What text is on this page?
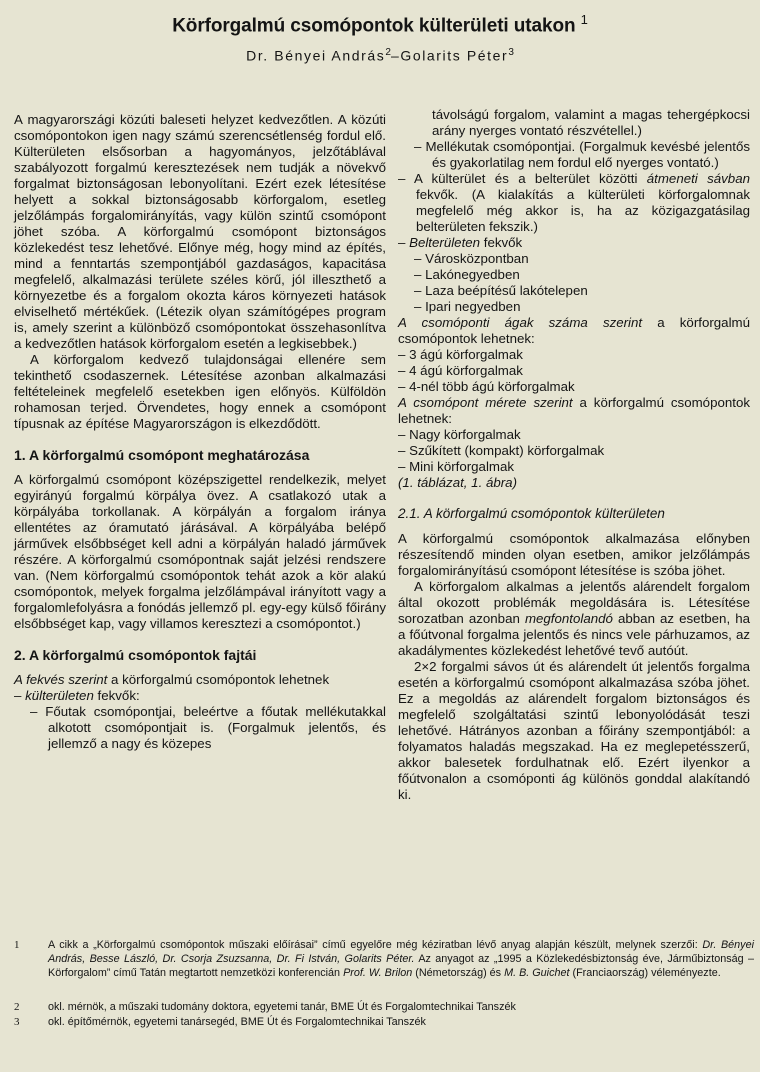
Körforgalmú csomópontok külterületi utakon $^1$
Dr. Bényei András$^2$–Golarits Péter$^3$

A magyarországi közúti baleseti helyzet kedvezőtlen. A közúti csomópontokon igen nagy számú szerencsétlenség fordul elő. Külterületen elsősorban a hagyományos, jelzőtáblával szabályozott forgalmú keresztezések nem tudják a növekvő forgalmat biztonságosan lebonyolítani. Ezért ezek létesítése helyett a sokkal biztonságosabb körforgalom, esetleg jelzőlámpás forgalomirányítás, vagy külön szintű csomópont jöhet szóba. A körforgalmú csomópont biztonságos közlekedést tesz lehetővé. Előnye még, hogy mind az építés, mind a fenntartás szempontjából gazdaságos, kapacitása megfelelő, alkalmazási területe széles körű, jól illeszthető a környezetbe és a forgalom okozta káros környezeti hatások elviselhető mértékűek. (Létezik olyan számítógépes program is, amely szerint a különböző csomópontokat összehasonlítva a kedvezőtlen hatások körforgalom esetén a legkisebbek.)

A körforgalom kedvező tulajdonságai ellenére sem tekinthető csodaszernek. Létesítése azonban alkalmazási feltételeinek megfelelő esetekben igen előnyös. Külföldön rohamosan terjed. Örvendetes, hogy ennek a csomópont típusnak az építése Magyarországon is elkezdődött.

1. A körforgalmú csomópont meghatározása

A körforgalmú csomópont középszigettel rendelkezik, melyet egyirányú forgalmú körpálya övez. A csatlakozó utak a körpályába torkollanak. A körpályán a forgalom iránya ellentétes az óramutató járásával. A körpályába belépő járművek elsőbbséget kell adni a körpályán haladó járművek részére. A körforgalmú csomópontnak saját jelzési rendszere van. (Nem körforgalmú csomópontok tehát azok a kör alakú csomópontok, melyek forgalma jelzőlámpával irányított vagy a forgalomlefolyásra a fonódás jellemző pl. egy-egy külső főirány elsőbbséget kap, vagy villamos keresztezi a csomópontot.)

2. A körforgalmú csomópontok fajtái

A fekvés szerint a körforgalmú csomópontok lehetnek

– külterületen fekvők:
– Főutak csomópontjai, beleértve a főutak mellékutakkal alkotott csomópontjait is. (Forgalmuk jelentős, és jellemző a nagy és közepes

távolságú forgalom, valamint a magas tehergépkocsi arány nyerges vontató részvétellel.)

– Mellékutak csomópontjai. (Forgalmuk kevésbé jelentős és gyakorlatilag nem fordul elő nyerges vontató.)
– A külterület és a belterület közötti átmeneti sávban fekvők. (A kialakítás a külterületi körforgalomnak megfelelő még akkor is, ha az közigazgatásilag belterületen fekszik.)
– Belterületen fekvők
– Városközpontban
– Lakónegyedben
– Laza beépítésű lakótelepen
– Ipari negyedben

A csomóponti ágak száma szerint a körforgalmú csomópontok lehetnek:

– 3 ágú körforgalmak
– 4 ágú körforgalmak
– 4-nél több ágú körforgalmak

A csomópont mérete szerint a körforgalmú csomópontok lehetnek:

– Nagy körforgalmak
– Szűkített (kompakt) körforgalmak
– Mini körforgalmak

(1. táblázat, 1. ábra)

2.1. A körforgalmú csomópontok külterületen

A körforgalmú csomópontok alkalmazása előnyben részesítendő minden olyan esetben, amikor jelzőlámpás forgalomirányítású csomópont létesítése is szóba jöhet.

A körforgalom alkalmas a jelentős alárendelt forgalom által okozott problémák megoldására is. Létesítése sorozatban azonban megfontolandó abban az esetben, ha a főútvonal forgalma jelentős és nincs vele párhuzamos, az akadálymentes közlekedést lehetővé tevő autóút.

2×2 forgalmi sávos út és alárendelt út jelentős forgalma esetén a körforgalmú csomópont alkalmazása szóba jöhet. Ez a megoldás az alárendelt forgalom biztonságos és megfelelő szolgáltatási szintű lebonyolódását teszi lehetővé. Hátrányos azonban a főirány szempontjából: a folyamatos haladás megszakad. Ha ez meglepetésszerű, akkor balesetek fordulhatnak elő. Ezért ilyenkor a főútvonalon a csomóponti ág különös gonddal alakítandó ki.

1	A cikk a „Körforgalmú csomópontok műszaki előírásai” című egyelőre még kéziratban lévő anyag alapján készült, melynek szerzői: Dr. Bényei András, Besse László, Dr. Csorja Zsuzsanna, Dr. Fi István, Golarits Péter. Az anyagot az „1995 a Közlekedésbiztonság éve, Járműbiztonság – Körforgalom” című Tatán megtartott nemzetközi konferencián Prof. W. Brilon (Németország) és M. B. Guichet (Franciaország) véleményezte.
2	okl. mérnök, a műszaki tudomány doktora, egyetemi tanár, BME Út és Forgalomtechnikai Tanszék
3	okl. építőmérnök, egyetemi tanársegéd, BME Út és Forgalomtechnikai Tanszék
